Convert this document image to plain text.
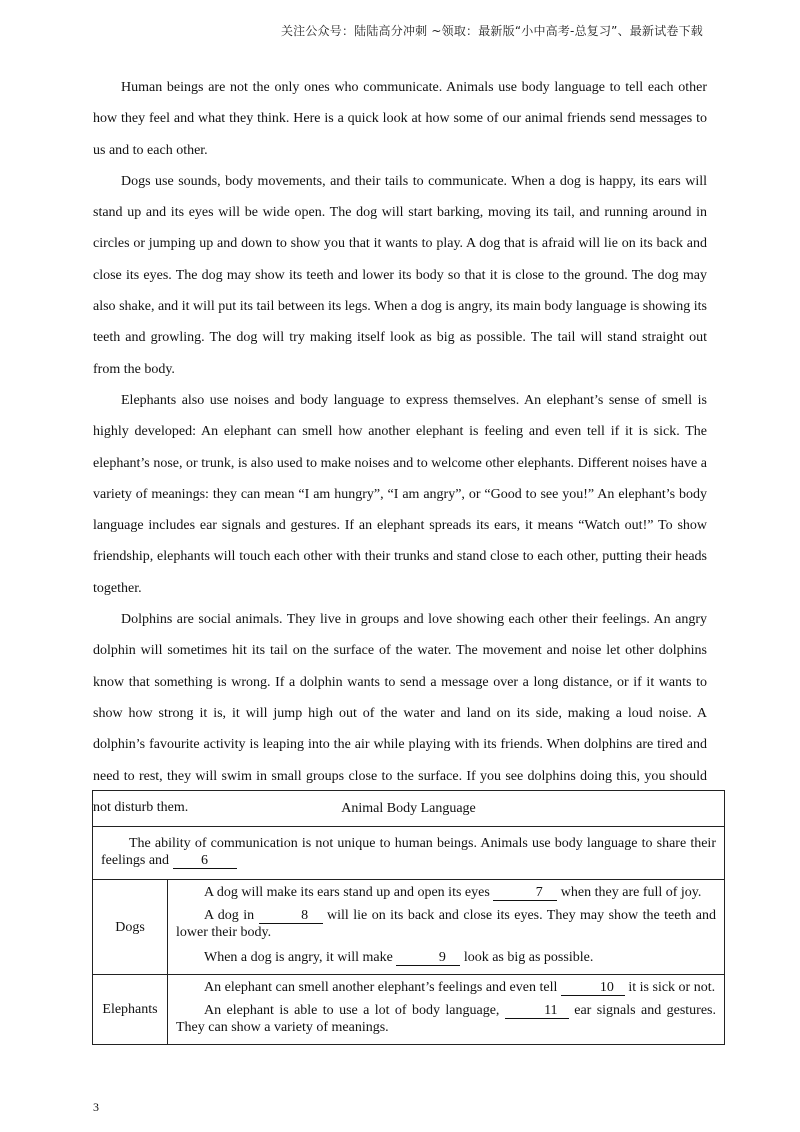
关注公众号：陆陆高分冲刺 ~领取：最新版“小中高考-总复习”、最新试卷下载

Human beings are not the only ones who communicate. Animals use body language to tell each other how they feel and what they think. Here is a quick look at how some of our animal friends send messages to us and to each other.

Dogs use sounds, body movements, and their tails to communicate. When a dog is happy, its ears will stand up and its eyes will be wide open. The dog will start barking, moving its tail, and running around in circles or jumping up and down to show you that it wants to play. A dog that is afraid will lie on its back and close its eyes. The dog may show its teeth and lower its body so that it is close to the ground. The dog may also shake, and it will put its tail between its legs. When a dog is angry, its main body language is showing its teeth and growling. The dog will try making itself look as big as possible. The tail will stand straight out from the body.

Elephants also use noises and body language to express themselves. An elephant’s sense of smell is highly developed: An elephant can smell how another elephant is feeling and even tell if it is sick. The elephant’s nose, or trunk, is also used to make noises and to welcome other elephants. Different noises have a variety of meanings: they can mean “I am hungry”, “I am angry”, or “Good to see you!” An elephant’s body language includes ear signals and gestures. If an elephant spreads its ears, it means “Watch out!” To show friendship, elephants will touch each other with their trunks and stand close to each other, putting their heads together.

Dolphins are social animals. They live in groups and love showing each other their feelings. An angry dolphin will sometimes hit its tail on the surface of the water. The movement and noise let other dolphins know that something is wrong. If a dolphin wants to send a message over a long distance, or if it wants to show how strong it is, it will jump high out of the water and land on its side, making a loud noise. A dolphin’s favourite activity is leaping into the air while playing with its friends. When dolphins are tired and need to rest, they will swim in small groups close to the surface. If you see dolphins doing this, you should not disturb them.	Animal Body Language	
The ability of communication is not unique to human beings. Animals use body language to share their feelings and 6	
Dogs	A dog will make its ears stand up and open its eyes 7 when they are full of joy.

A dog in 8 will lie on its back and close its eyes. They may show the teeth and lower their body.

When a dog is angry, it will make 9 look as big as possible.

Elephants	An elephant can smell another elephant’s feelings and even tell 10 it is sick or not.

An elephant is able to use a lot of body language, 11 ear signals and gestures. They can show a variety of meanings.

3
